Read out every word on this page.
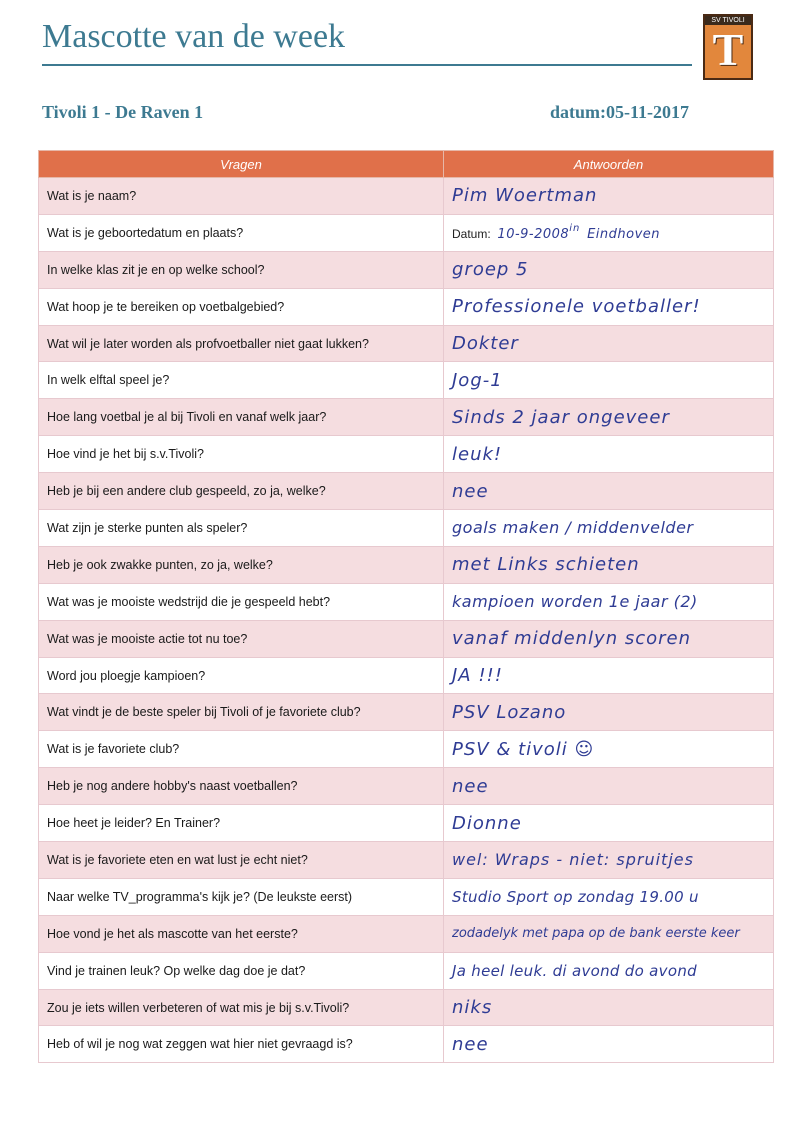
Mascotte van de week	SV TIVOLI
T
Tivoli 1 - De Raven 1	datum:05-11-2017
Vragen	Antwoorden
Wat is je naam?	Pim Woertman
Wat is je geboortedatum en plaats?	Datum: $10-9-2008^{in}$ Eindhoven
In welke klas zit je en op welke school?	groep 5
Wat hoop je te bereiken op voetbalgebied?	Professionele voetballer!
Wat wil je later worden als profvoetballer niet gaat lukken?	Dokter
In welk elftal speel je?	Jog-1
Hoe lang voetbal je al bij Tivoli en vanaf welk jaar?	Sinds 2 jaar ongeveer
Hoe vind je het bij s.v.Tivoli?	leuk!
Heb je bij een andere club gespeeld, zo ja, welke?	nee
Wat zijn je sterke punten als speler?	goals maken / middenvelder
Heb je ook zwakke punten, zo ja, welke?	met Links schieten
Wat was je mooiste wedstrijd die je gespeeld hebt?	kampioen worden 1e jaar (2)
Wat was je mooiste actie tot nu toe?	vanaf middenlyn scoren
Word jou ploegje kampioen?	JA !!!
Wat vindt je de beste speler bij Tivoli of je favoriete club?	PSV Lozano
Wat is je favoriete club?	PSV & tivoli ☺
Heb je nog andere hobby's naast voetballen?	nee
Hoe heet je leider? En Trainer?	Dionne
Wat is je favoriete eten en wat lust je echt niet?	wel: Wraps - niet: spruitjes
Naar welke TV_programma's kijk je? (De leukste eerst)	Studio Sport op zondag 19.00 u
Hoe vond je het als mascotte van het eerste?	zodadelyk met papa op de bank eerste keer
Vind je trainen leuk? Op welke dag doe je dat?	Ja heel leuk. di avond do avond
Zou je iets willen verbeteren of wat mis je bij s.v.Tivoli?	niks
Heb of wil je nog wat zeggen wat hier niet gevraagd is?	nee
